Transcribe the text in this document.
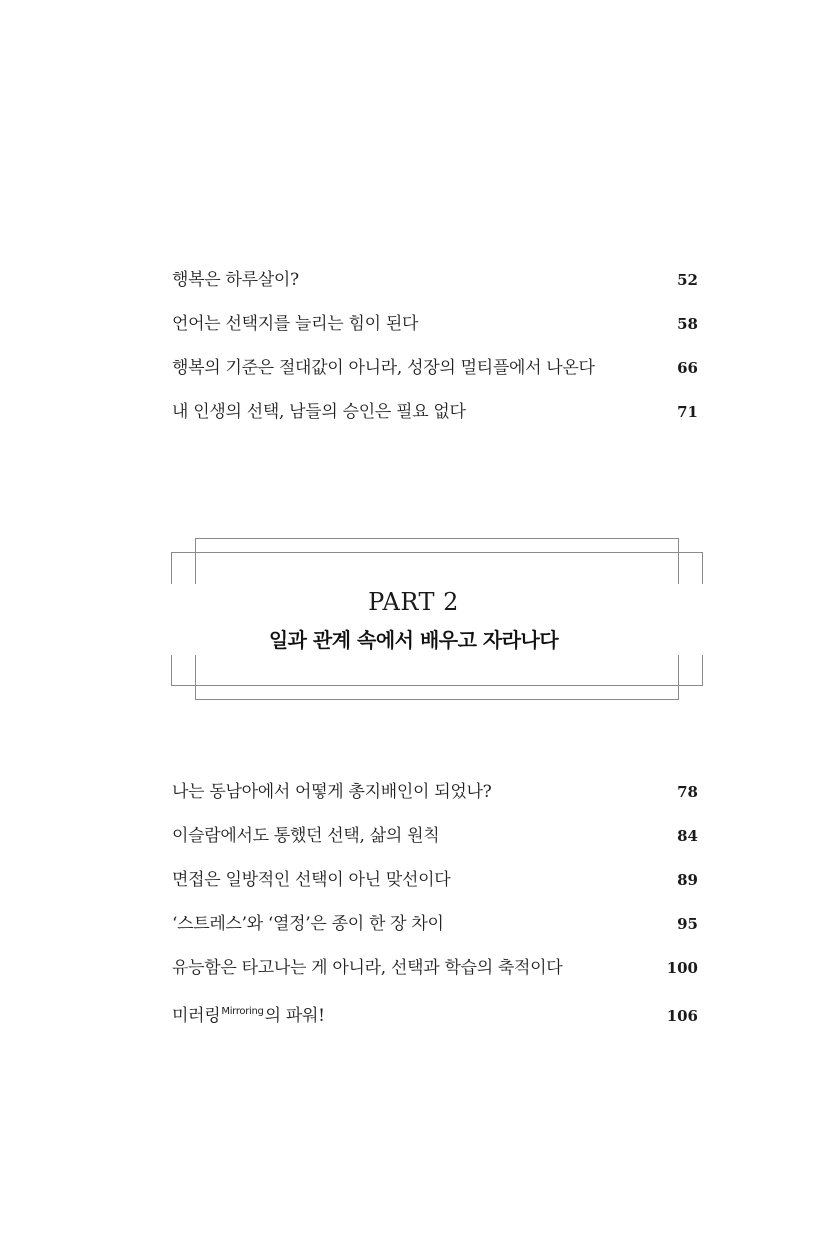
행복은 하루살이?	52
언어는 선택지를 늘리는 힘이 된다	58
행복의 기준은 절대값이 아니라, 성장의 멀티플에서 나온다	66
내 인생의 선택, 남들의 승인은 필요 없다	71
PART 2
일과 관계 속에서 배우고 자라나다
나는 동남아에서 어떻게 총지배인이 되었나?	78
이슬람에서도 통했던 선택, 삶의 원칙	84
면접은 일방적인 선택이 아닌 맞선이다	89
‘스트레스’와 ‘열정’은 종이 한 장 차이	95
유능함은 타고나는 게 아니라, 선택과 학습의 축적이다	100
미러링$^{Mirroring}$의 파워!	106
